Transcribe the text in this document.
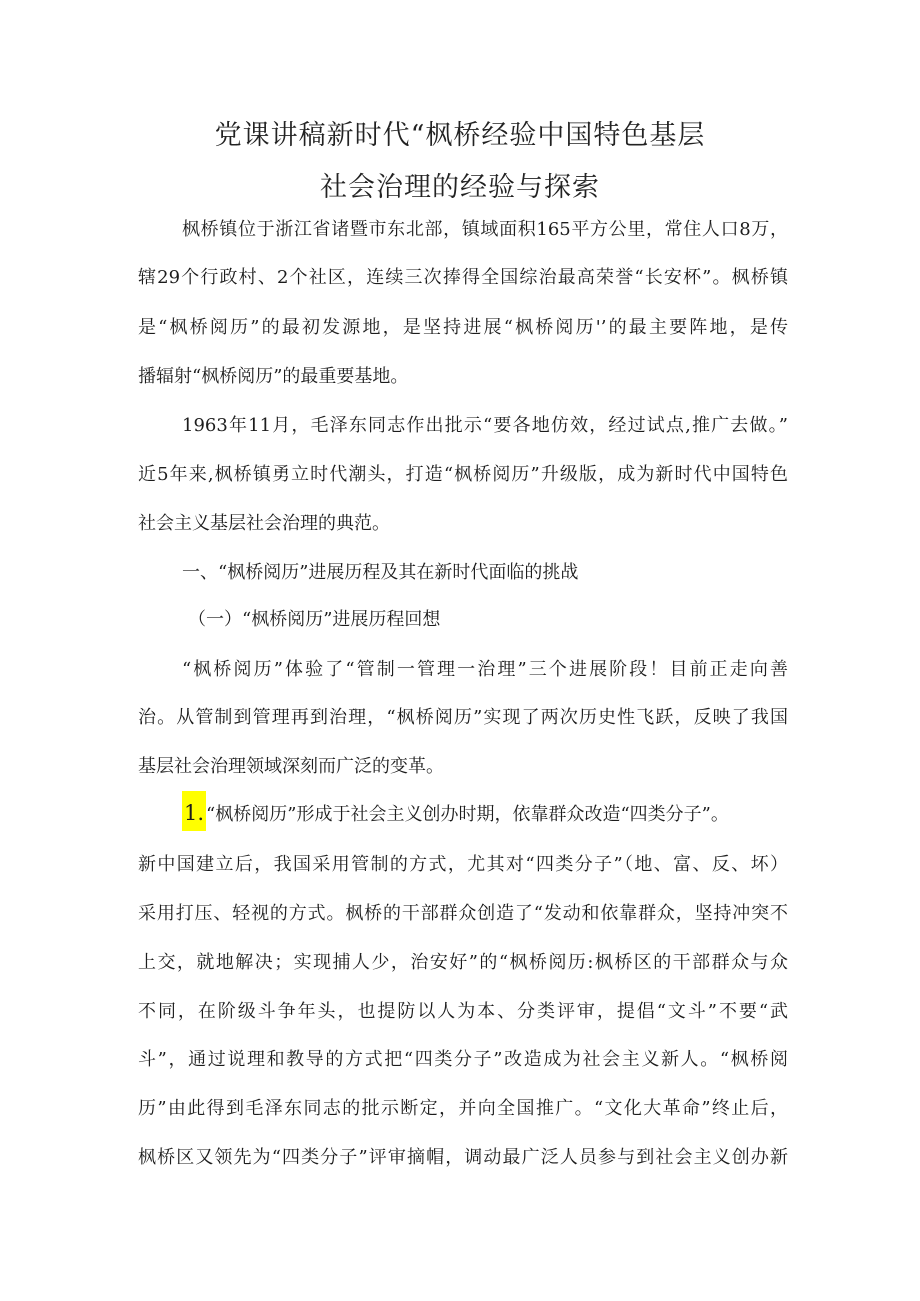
党课讲稿新时代“枫桥经验中国特色基层
社会治理的经验与探索
枫桥镇位于浙江省诸暨市东北部，镇域面积165平方公里，常住人口8万，
辖29个行政村、2个社区，连续三次捧得全国综治最高荣誉“长安杯”。枫桥镇
是“枫桥阅历”的最初发源地，是坚持进展“枫桥阅历'’的最主要阵地，是传
播辐射“枫桥阅历”的最重要基地。
1963年11月，毛泽东同志作出批示“要各地仿效，经过试点,推广去做。”
近5年来,枫桥镇勇立时代潮头，打造“枫桥阅历”升级版，成为新时代中国特色
社会主义基层社会治理的典范。
一、“枫桥阅历”进展历程及其在新时代面临的挑战
（一）“枫桥阅历”进展历程回想
“枫桥阅历”体验了“管制一管理一治理”三个进展阶段！目前正走向善
治。从管制到管理再到治理，“枫桥阅历”实现了两次历史性飞跃，反映了我国
基层社会治理领域深刻而广泛的变革。
1. “枫桥阅历”形成于社会主义创办时期，依靠群众改造“四类分子”。
新中国建立后，我国采用管制的方式，尤其对“四类分子”（地、富、反、坏）
采用打压、轻视的方式。枫桥的干部群众创造了“发动和依靠群众，坚持冲突不
上交，就地解决；实现捕人少，治安好”的“枫桥阅历:枫桥区的干部群众与众
不同，在阶级斗争年头，也提防以人为本、分类评审，提倡“文斗”不要“武
斗”，通过说理和教导的方式把“四类分子”改造成为社会主义新人。“枫桥阅
历”由此得到毛泽东同志的批示断定，并向全国推广。“文化大革命”终止后，
枫桥区又领先为“四类分子”评审摘帽，调动最广泛人员参与到社会主义创办新
